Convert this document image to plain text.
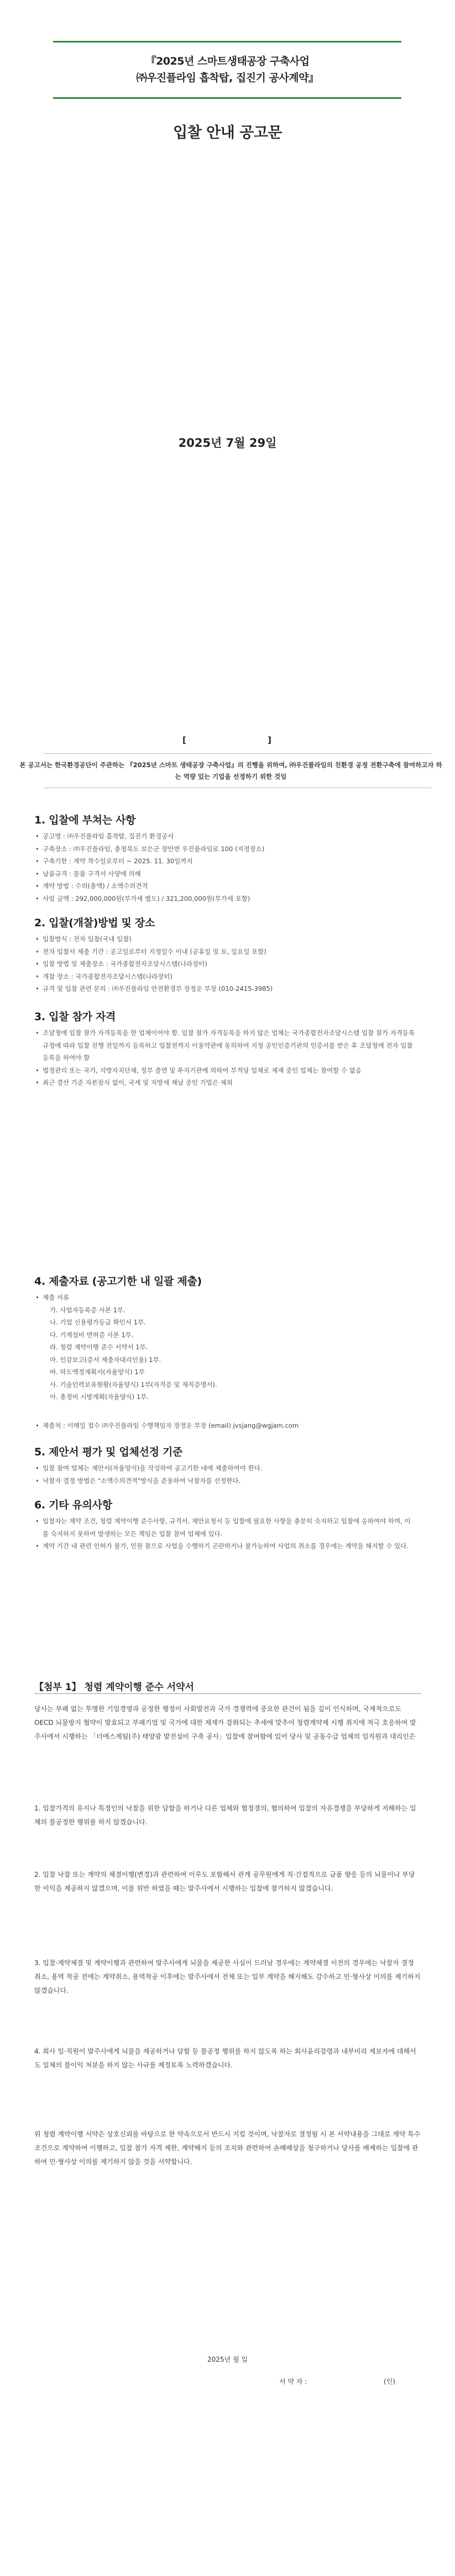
『2025년 스마트생태공장 구축사업
㈜우진플라임 흡착탑, 집진기 공사계약』
입찰 안내 공고문
2025년 7월 29일
[	]
본 공고서는 한국환경공단이 주관하는 『2025년 스마트 생태공장 구축사업』의 진행을 위하여, ㈜우진플라임의 친환경 공정 전환구축에 참여하고자 하는 역량 있는 기업을 선정하기 위한 것임
1. 입찰에 부쳐는 사항
• 공고명 : ㈜우진플라임 흡착탑, 집진기 환경공사
• 구축장소 : ㈜우진플라임, 충청북도 보은군 장안면 우진플라임로 100 (지정장소)
• 구축기한 : 계약 착수일로부터 ~ 2025. 11. 30일까지
• 납품규격 : 물품 구격서 사양에 의해
• 계약 방법 : 수의(총액) / 소액수의견적
• 사업 금액 : 292,000,000원(부가세 별도) / 321,200,000원(부가세 포함)
2. 입찰(개찰)방법 및 장소
• 입찰방식 : 전자 입찰(국내 입찰)
• 전자 입찰서 제출 기간 : 공고일로부터 지정일수 이내 (공휴일 및 토, 일요일 포함)
• 입찰 방법 및 제출장소 : 국가종합전자조달시스템(나라장터)
• 개찰 장소 : 국가종합전자조달시스템(나라장터)
• 규격 및 입찰 관련 문의 : ㈜우진플라임 안전환경부 장정운 부장 (010-2415-3985)
3. 입찰 참가 자격
• 조달청에 입찰 참가 자격등록을 한 업체이어야 함. 입찰 참가 자격등록을 하지 않은 업체는 국가종합전자조달시스템 입찰 참가 자격등록 규정에 따라 입찰 진행 전일까지 등록하고 입찰전까지 이용약관에 동의하여 지정 공인인증기관의 인증서를 받은 후 조달청에 전자 입찰 등록을 하여야 함
• 법정관리 또는 국가, 지방자치단체, 정부 출연 및 투자기관에 의하여 부적당 업체로 제재 중인 업체는 참여할 수 없음
• 최근 결산 기준 자본잠식 없이, 국세 및 지방세 체납 중인 기업은 제외
4. 제출자료 (공고기한 내 일괄 제출)
• 제출 서류
가. 사업자등록증 사본 1부.
나. 기업 신용평가등급 확인서 1부.
다. 기계설비 면허증 사본 1부.
라. 청렴 계약이행 준수 서약서 1부.
마. 인감보고(증서 제출자대리인용) 1부.
바. 하도액정계획서(자율양식) 1부
사. 기술인력보유현황(자율양식) 1부(자격증 및 재직증명서).
아. 총정비 시방계획(자율양식) 1부.
• 제출처 : 이메일 접수 ㈜우진플라임 수행책임자 장정운 부장 (email) jvsjang@wgjam.com
5. 제안서 평가 및 업체선정 기준
• 입찰 참여 업체는 제안서(자율양식)을 작성하여 공고기한 내에 제출하여야 한다.
• 낙찰자 결정 방법은 "소액수의견적"방식을 준용하여 낙찰자를 선정한다.
6. 기타 유의사항
• 입찰자는 계약 조건, 청렴 계약이행 준수사항, 규격서, 제안요청서 등 입찰에 필요한 사항을 충분히 숙지하고 입찰에 응하여야 하며, 이를 숙지하지 못하여 발생하는 모든 책임은 입찰 참여 업체에 있다.
• 계약 기간 내 관련 인허가 불가, 인원 참으로 사업을 수행하기 곤란하거나 불가능하여 사업의 취소를 경우에는 계약을 해지할 수 있다.
【첨부 1】 청렴 계약이행 준수 서약서
당사는 부패 없는 투명한 기업경영과 공정한 행정이 사회발전과 국가 경쟁력에 중요한 관건이 됨을 깊이 인식하며, 국제적으로도 OECD 뇌물방지 협약이 발효되고 부패기업 및 국가에 대한 제재가 강화되는 추세에 맞추어 청렴계약제 시행 취지에 적극 호응하여 발주사에서 시행하는 「더에스제팀(주) 태양광 발전설비 구축 공사」입찰에 참여함에 있어 당사 및 공동수급 업체의 임직원과 대리인은
1. 입찰가격의 유지나 특정인의 낙찰을 위한 담합을 하거나 다른 업체와 협정결의, 협의하여 입찰의 자유경쟁을 부당하게 저해하는 일체의 불공정한 행위를 하지 않겠습니다.
2. 입찰 낙찰 또는 계약의 체결이행(변경)과 관련하여 이루도 포함해서 관계 공무원에게 직·간접적으로 금품 향응 등의 뇌물이나 부당한 이익을 제공하지 않겠으며, 이를 위반 하였을 때는 발주사에서 시행하는 입찰에 참가하지 않겠습니다.
3. 입찰·계약체결 및 계약이행과 관련하여 발주사에게 뇌물을 제공한 사실이 드러날 경우에는 계약체결 이전의 경우에는 낙찰자 결정 취소, 용역 착공 전에는 계약취소, 용역착공 이후에는 발주사에서 전체 또는 일부 계약을 해지해도 감수하고 민·형사상 이의를 제기하지 않겠습니다.
4. 회사 임·직원이 발주사에게 뇌물을 제공하거나 담합 등 불공정 행위를 하지 않도록 하는 회사윤리강령과 내부비리 제보자에 대해서도 일체의 불이익 처분을 하지 않는 사규를 제정토록 노력하겠습니다.
위 청렴 계약이행 서약은 상호신뢰를 바탕으로 한 약속으로서 반드시 지킬 것이며, 낙찰자로 결정될 시 본 서약내용을 그대로 계약 특수 조건으로 계약하여 이행하고, 입찰 참가 자격 제한, 계약해지 등의 조치와 관련하여 손해배상을 청구하거나 당사를 배제하는 입찰에 관하여 민·형사상 이의를 제기하지 않을 것을 서약합니다.
2025년 월 일
서 약 자 :	(인)
